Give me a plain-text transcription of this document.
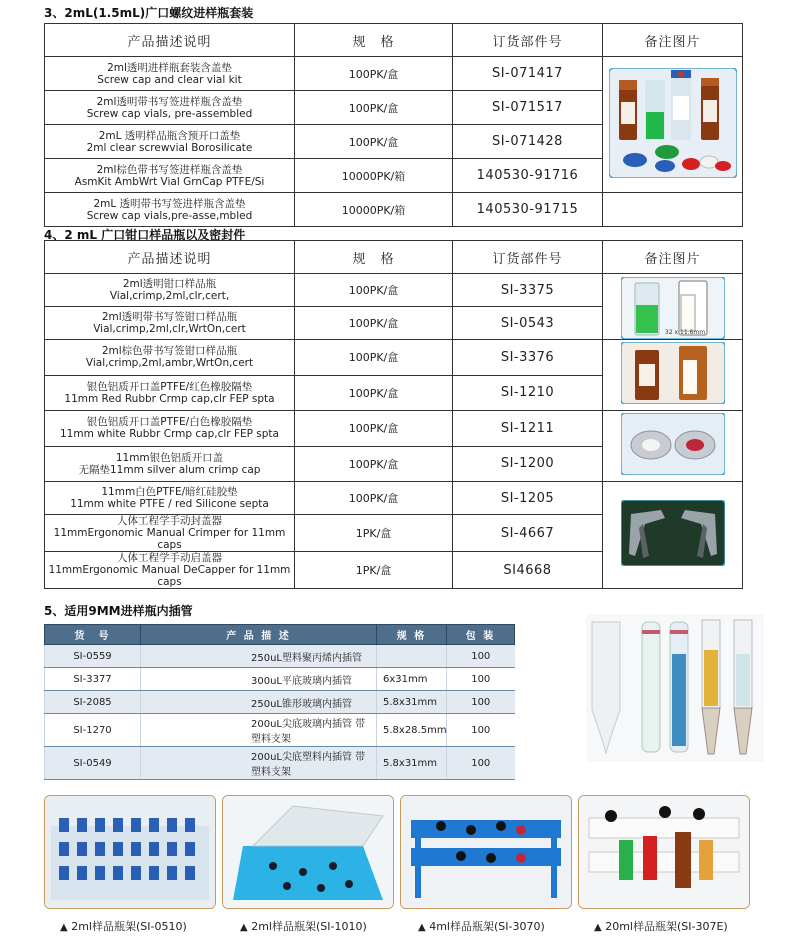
3、2mL(1.5mL)广口螺纹进样瓶套装
产品描述说明	规　格	订货部件号	备注图片

2ml透明进样瓶套装含盖垫
Screw cap and clear vial kit	100PK/盒	SI-071417	

2ml透明带书写签进样瓶含盖垫
Screw cap vials, pre-assembled	100PK/盒	SI-071517	

2mL 透明样品瓶含预开口盖垫
2ml clear screwvial Borosilicate	100PK/盒	SI-071428	

2ml棕色带书写签进样瓶含盖垫
AsmKit AmbWrt Vial GrnCap PTFE/Si	10000PK/箱	140530-91716	

2mL 透明带书写签进样瓶含盖垫
Screw cap vials,pre-asse,mbled	10000PK/箱	140530-91715	
4、2 mL 广口钳口样品瓶以及密封件
产品描述说明	规　格	订货部件号	备注图片

2ml透明钳口样品瓶
Vial,crimp,2ml,clr,cert,	100PK/盒	SI-3375	32 x 11.6mm

2ml透明带书写签钳口样品瓶
Vial,crimp,2ml,clr,WrtOn,cert	100PK/盒	SI-0543	

2ml棕色带书写签钳口样品瓶
Vial,crimp,2ml,ambr,WrtOn,cert	100PK/盒	SI-3376	

银色铝质开口盖PTFE/红色橡胶隔垫
11mm Red Rubbr Crmp cap,clr FEP spta	100PK/盒	SI-1210	

银色铝质开口盖PTFE/白色橡胶隔垫
11mm white Rubbr Crmp cap,clr FEP spta	100PK/盒	SI-1211	

11mm银色铝质开口盖
无隔垫11mm silver alum crimp cap	100PK/盒	SI-1200	

11mm白色PTFE/暗红硅胶垫
11mm white PTFE / red Silicone septa	100PK/盒	SI-1205	

人体工程学手动封盖器
11mmErgonomic Manual Crimper for 11mm caps	1PK/盒	SI-4667	

人体工程学手动启盖器
11mmErgonomic Manual DeCapper for 11mm caps	1PK/盒	SI4668	
5、适用9MM进样瓶内插管
货　号	产 品 描 述	规 格	包 装
SI-0559	250uL塑料聚丙烯内插管		100
SI-3377	300uL平底玻璃内插管	6x31mm	100
SI-2085	250uL锥形玻璃内插管	5.8x31mm	100
SI-1270	200uL尖底玻璃内插管 带塑料支架	5.8x28.5mm	100
SI-0549	200uL尖底塑料内插管 带塑料支架	5.8x31mm	100
▲ 2ml样品瓶架(SI-0510)	▲ 2ml样品瓶架(SI-1010)	▲ 4ml样品瓶架(SI-3070)	▲ 20ml样品瓶架(SI-307E)
